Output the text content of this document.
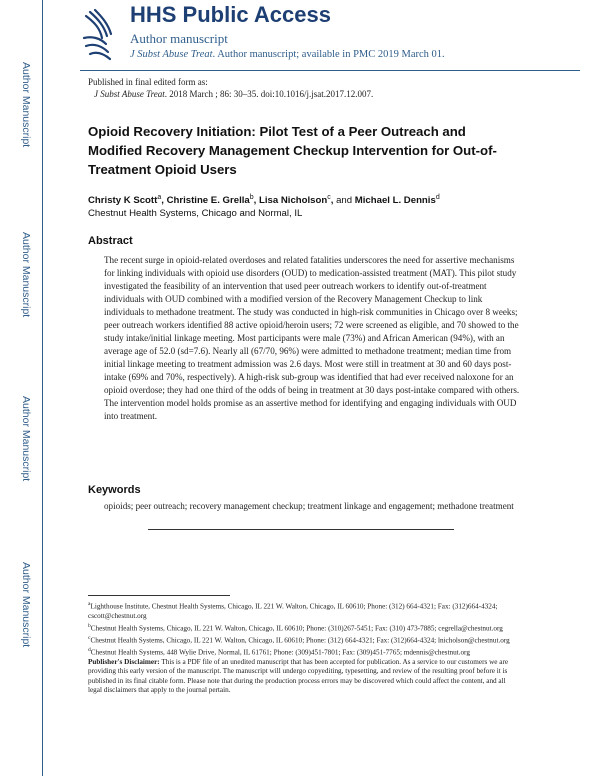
Author Manuscript
Author Manuscript
Author Manuscript
Author Manuscript
HHS Public Access
Author manuscript
J Subst Abuse Treat. Author manuscript; available in PMC 2019 March 01.
Published in final edited form as:
J Subst Abuse Treat. 2018 March ; 86: 30–35. doi:10.1016/j.jsat.2017.12.007.
Opioid Recovery Initiation: Pilot Test of a Peer Outreach and Modified Recovery Management Checkup Intervention for Out-of-Treatment Opioid Users
Christy K Scott$^a$, Christine E. Grella$^b$, Lisa Nicholson$^c$, and Michael L. Dennis$^d$
Chestnut Health Systems, Chicago and Normal, IL
Abstract
The recent surge in opioid-related overdoses and related fatalities underscores the need for assertive mechanisms for linking individuals with opioid use disorders (OUD) to medication-assisted treatment (MAT). This pilot study investigated the feasibility of an intervention that used peer outreach workers to identify out-of-treatment individuals with OUD combined with a modified version of the Recovery Management Checkup to link individuals to methadone treatment. The study was conducted in high-risk communities in Chicago over 8 weeks; peer outreach workers identified 88 active opioid/heroin users; 72 were screened as eligible, and 70 showed to the study intake/initial linkage meeting. Most participants were male (73%) and African American (94%), with an average age of 52.0 (sd=7.6). Nearly all (67/70, 96%) were admitted to methadone treatment; median time from initial linkage meeting to treatment admission was 2.6 days. Most were still in treatment at 30 and 60 days post-intake (69% and 70%, respectively). A high-risk sub-group was identified that had ever received naloxone for an opioid overdose; they had one third of the odds of being in treatment at 30 days post-intake compared with others. The intervention model holds promise as an assertive method for identifying and engaging individuals with OUD into treatment.
Keywords
opioids; peer outreach; recovery management checkup; treatment linkage and engagement; methadone treatment
$^a$Lighthouse Institute, Chestnut Health Systems, Chicago, IL 221 W. Walton, Chicago, IL 60610; Phone: (312) 664-4321; Fax: (312)664-4324; cscott@chestnut.org
$^b$Chestnut Health Systems, Chicago, IL 221 W. Walton, Chicago, IL 60610; Phone: (310)267-5451; Fax: (310) 473-7885; cegrella@chestnut.org
$^c$Chestnut Health Systems, Chicago, IL 221 W. Walton, Chicago, IL 60610; Phone: (312) 664-4321; Fax: (312)664-4324; lnicholson@chestnut.org
$^d$Chestnut Health Systems, 448 Wylie Drive, Normal, IL 61761; Phone: (309)451-7801; Fax: (309)451-7765; mdennis@chestnut.org
Publisher's Disclaimer: This is a PDF file of an unedited manuscript that has been accepted for publication. As a service to our customers we are providing this early version of the manuscript. The manuscript will undergo copyediting, typesetting, and review of the resulting proof before it is published in its final citable form. Please note that during the production process errors may be discovered which could affect the content, and all legal disclaimers that apply to the journal pertain.
